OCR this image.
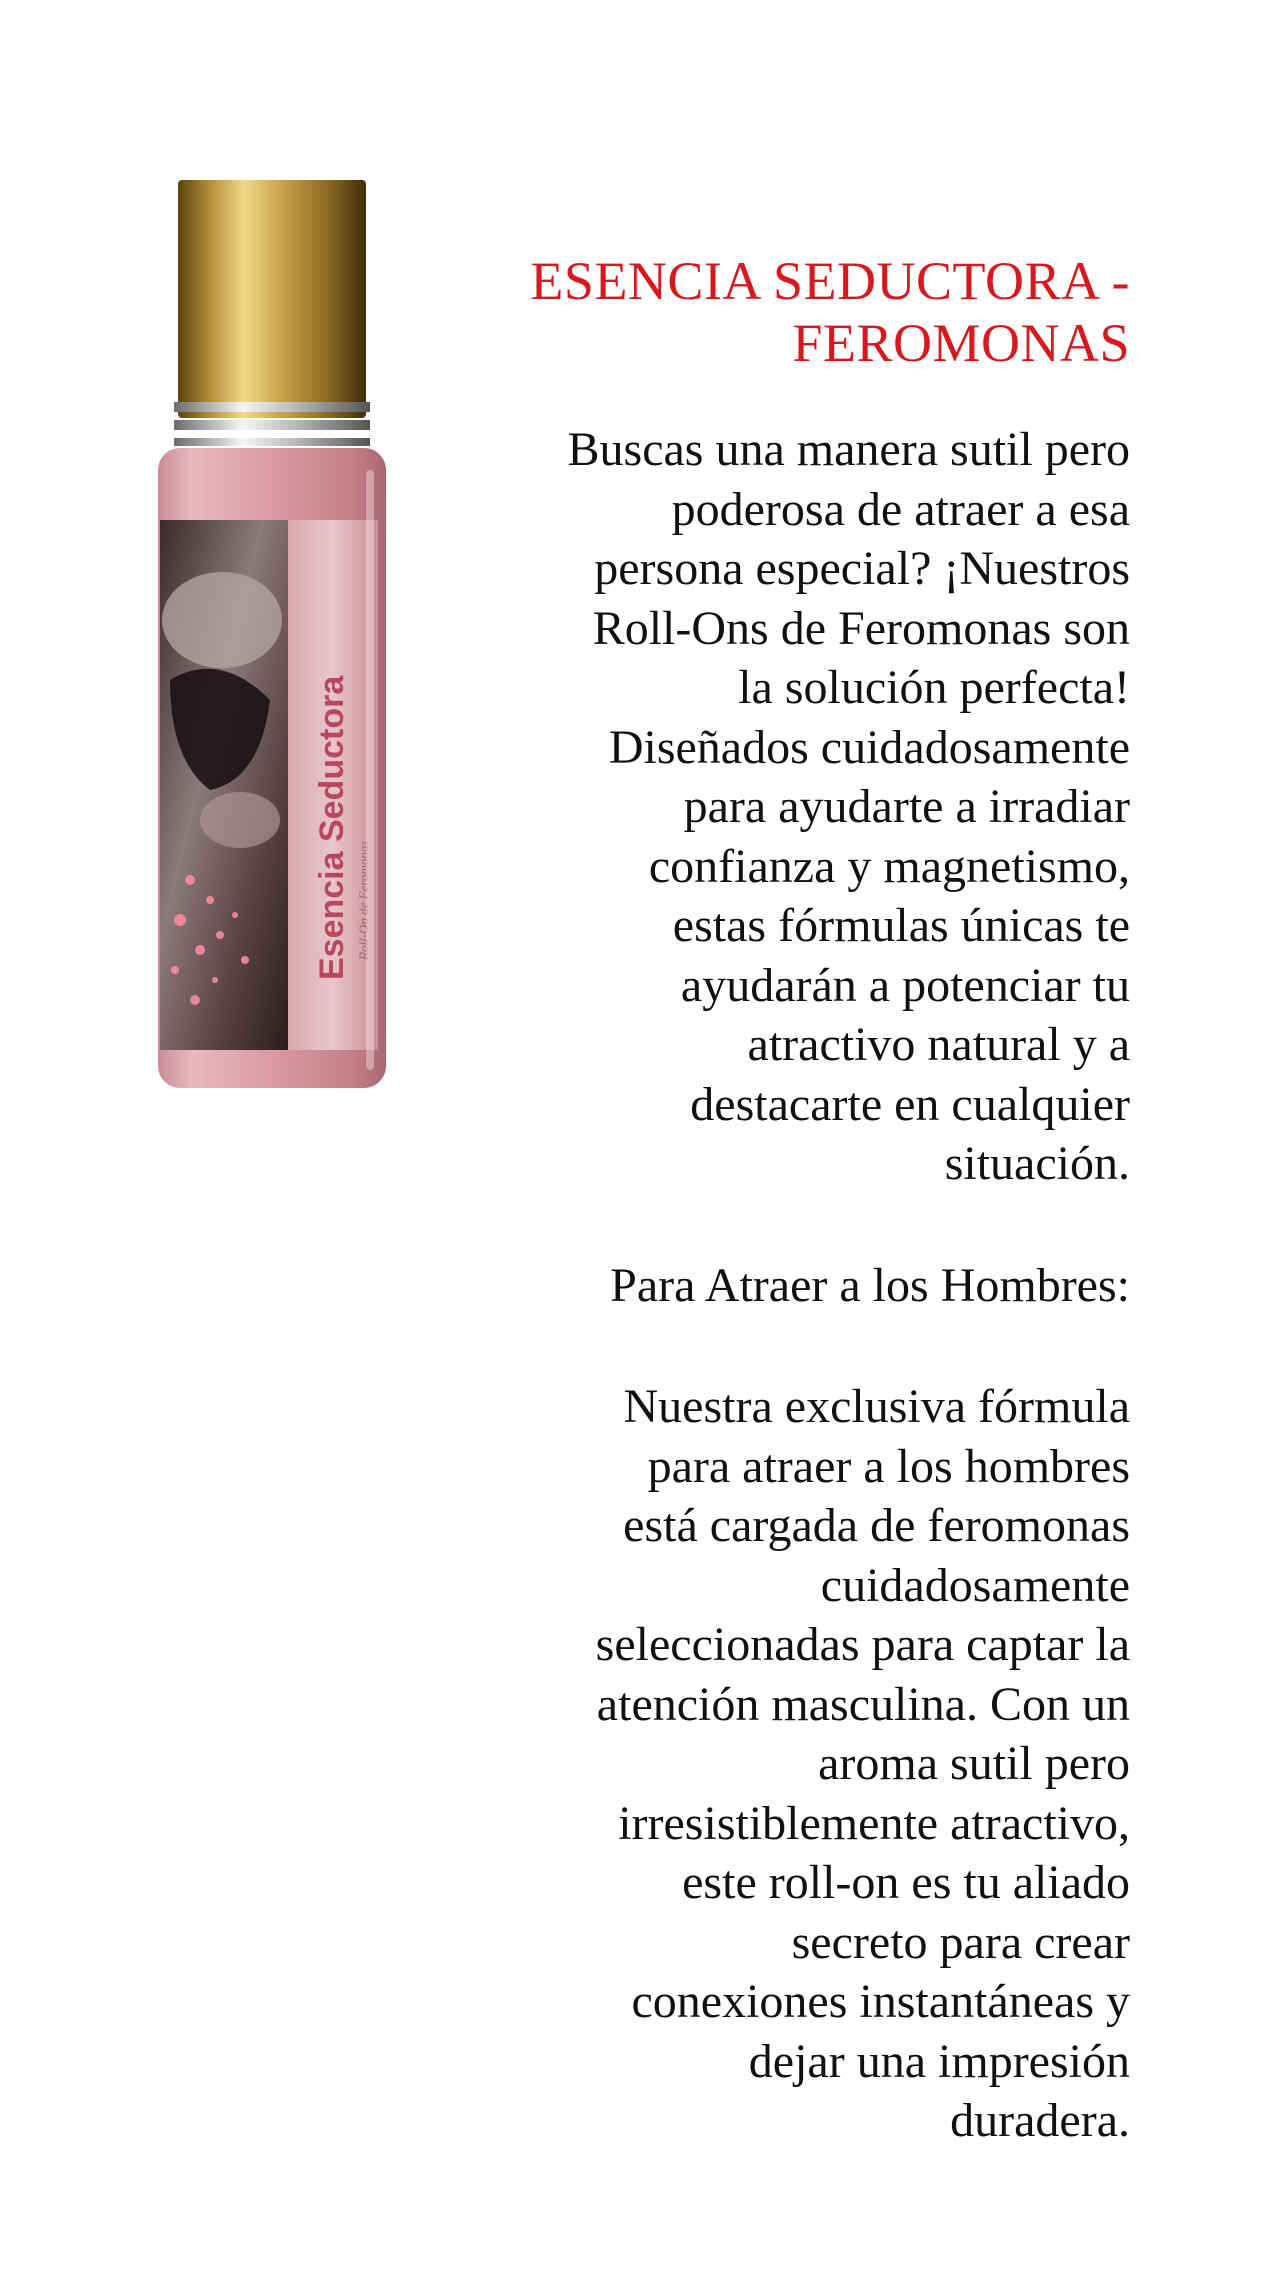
Esencia Seductora Roll-On de Feromonas
ESENCIA SEDUCTORA -
FEROMONAS

Buscas una manera sutil pero
poderosa de atraer a esa
persona especial? ¡Nuestros
Roll-Ons de Feromonas son
la solución perfecta!
Diseñados cuidadosamente
para ayudarte a irradiar
confianza y magnetismo,
estas fórmulas únicas te
ayudarán a potenciar tu
atractivo natural y a
destacarte en cualquier
situación.

Para Atraer a los Hombres:

Nuestra exclusiva fórmula
para atraer a los hombres
está cargada de feromonas
cuidadosamente
seleccionadas para captar la
atención masculina. Con un
aroma sutil pero
irresistiblemente atractivo,
este roll-on es tu aliado
secreto para crear
conexiones instantáneas y
dejar una impresión
duradera.
